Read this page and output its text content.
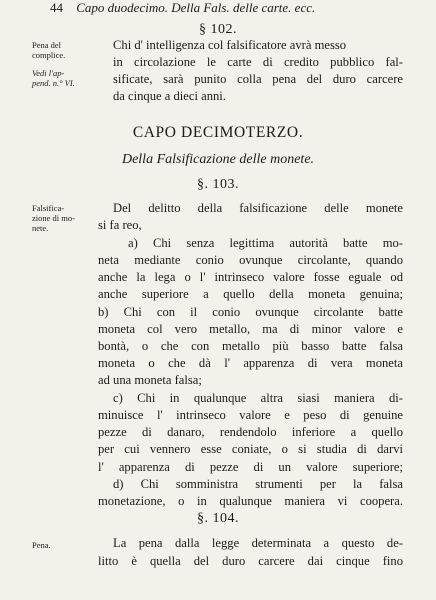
44 Capo duodecimo. Della Fals. delle carte. ecc.
§ 102.
Pena del
complice.
Vedi l'ap-
pend. n.° VI.
Chi d' intelligenza col falsificatore avrà messo
in circolazione le carte di credito pubblico fal-
sificate, sarà punito colla pena del duro carcere
da cinque a dieci anni.
CAPO DECIMOTERZO.
Della Falsificazione delle monete.
§. 103.
Falsifica-
zione di mo-
nete.
Del delitto della falsificazione delle monete
si fa reo,
a) Chi senza legittima autorità batte mo-
neta mediante conio ovunque circolante, quando
anche la lega o l' intrinseco valore fosse eguale od
anche superiore a quello della moneta genuina;
b) Chi con il conio ovunque circolante batte
moneta col vero metallo, ma di minor valore e
bontà, o che con metallo più basso batte falsa
moneta o che dà l' apparenza di vera moneta
ad una moneta falsa;
c) Chi in qualunque altra siasi maniera di-
minuisce l' intrinseco valore e peso di genuine
pezze di danaro, rendendolo inferiore a quello
per cui vennero esse coniate, o si studia di darvi
l' apparenza di pezze di un valore superiore;
d) Chi somministra strumenti per la falsa
monetazione, o in qualunque maniera vi coopera.
§. 104.
Pena.	La pena dalla legge determinata a questo de-
litto è quella del duro carcere dai cinque fino
